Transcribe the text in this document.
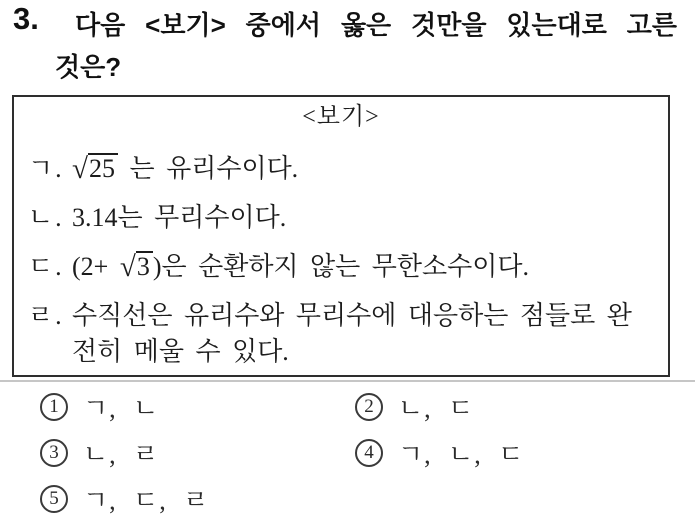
3. 다음 <보기> 중에서 옳은 것만을 있는대로 고른
것은?
<보기>
ㄱ. √25 는 유리수이다.
ㄴ. 3.14는 무리수이다.
ㄷ. (2+ √3 )은 순환하지 않는 무한소수이다.
ㄹ. 수직선은 유리수와 무리수에 대응하는 점들로 완전히 메울 수 있다.
1 ㄱ, ㄴ	2 ㄴ, ㄷ
3 ㄴ, ㄹ	4 ㄱ, ㄴ, ㄷ
5 ㄱ, ㄷ, ㄹ
